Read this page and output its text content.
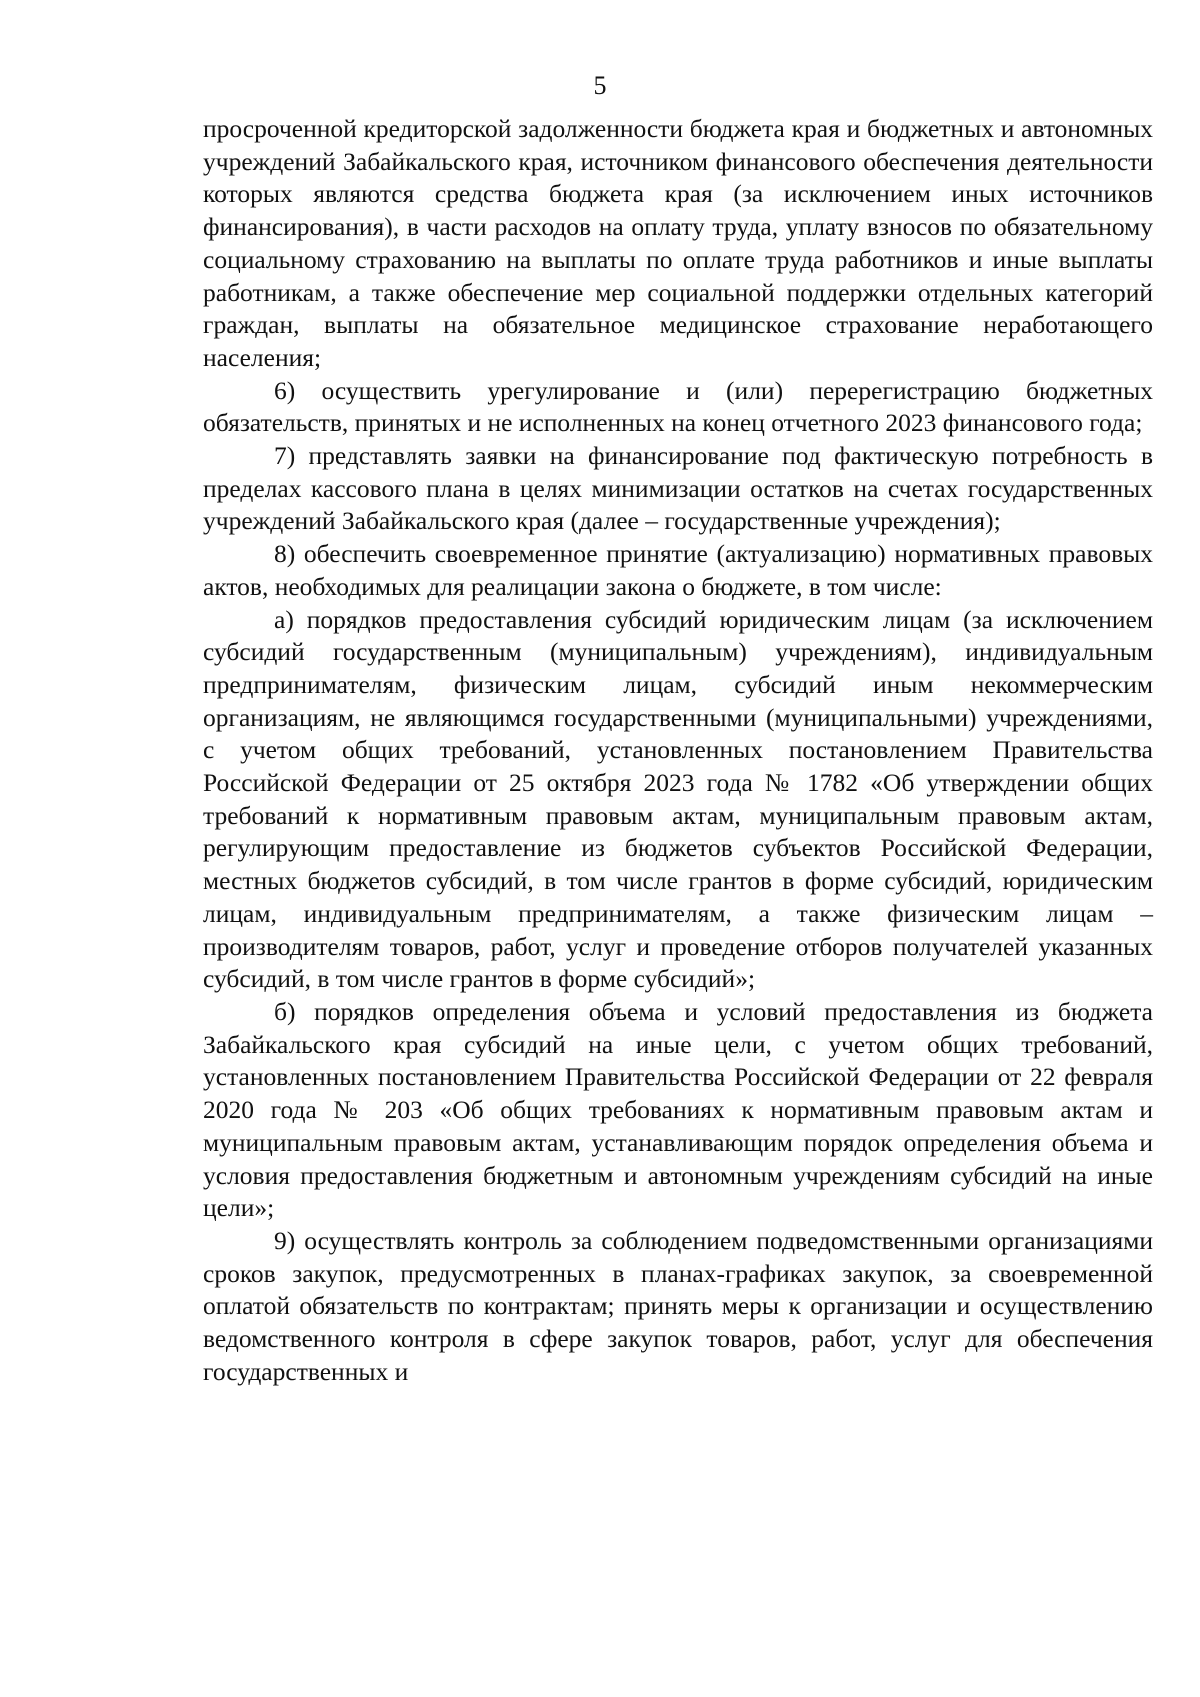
5

просроченной кредиторской задолженности бюджета края и бюджетных и автономных учреждений Забайкальского края, источником финансового обеспечения деятельности которых являются средства бюджета края (за исключением иных источников финансирования), в части расходов на оплату труда, уплату взносов по обязательному социальному страхованию на выплаты по оплате труда работников и иные выплаты работникам, а также обеспечение мер социальной поддержки отдельных категорий граждан, выплаты на обязательное медицинское страхование неработающего населения;

6) осуществить урегулирование и (или) перерегистрацию бюджетных обязательств, принятых и не исполненных на конец отчетного 2023 финансового года;

7) представлять заявки на финансирование под фактическую потребность в пределах кассового плана в целях минимизации остатков на счетах государственных учреждений Забайкальского края (далее – государственные учреждения);

8) обеспечить своевременное принятие (актуализацию) нормативных правовых актов, необходимых для реалицации закона о бюджете, в том числе:

а) порядков предоставления субсидий юридическим лицам (за исключением субсидий государственным (муниципальным) учреждениям), индивидуальным предпринимателям, физическим лицам, субсидий иным некоммерческим организациям, не являющимся государственными (муниципальными) учреждениями, с учетом общих требований, установленных постановлением Правительства Российской Федерации от 25 октября 2023 года № 1782 «Об утверждении общих требований к нормативным правовым актам, муниципальным правовым актам, регулирующим предоставление из бюджетов субъектов Российской Федерации, местных бюджетов субсидий, в том числе грантов в форме субсидий, юридическим лицам, индивидуальным предпринимателям, а также физическим лицам – производителям товаров, работ, услуг и проведение отборов получателей указанных субсидий, в том числе грантов в форме субсидий»;

б) порядков определения объема и условий предоставления из бюджета Забайкальского края субсидий на иные цели, с учетом общих требований, установленных постановлением Правительства Российской Федерации от 22 февраля 2020 года № 203 «Об общих требованиях к нормативным правовым актам и муниципальным правовым актам, устанавливающим порядок определения объема и условия предоставления бюджетным и автономным учреждениям субсидий на иные цели»;

9) осуществлять контроль за соблюдением подведомственными организациями сроков закупок, предусмотренных в планах-графиках закупок, за своевременной оплатой обязательств по контрактам; принять меры к организации и осуществлению ведомственного контроля в сфере закупок товаров, работ, услуг для обеспечения государственных и
